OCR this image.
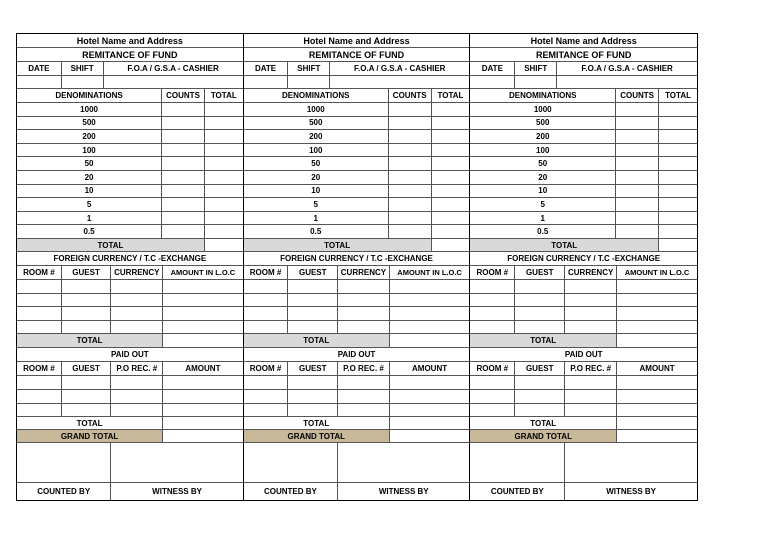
Hotel Name and Address
REMITANCE OF FUND
DATE	SHIFT	F.O.A / G.S.A - CASHIER
DENOMINATIONS	COUNTS	TOTAL
1000
500
200
100
50
20
10
5
1
0.5
TOTAL
FOREIGN CURRENCY / T.C -EXCHANGE
ROOM #	GUEST	CURRENCY	AMOUNT IN L.O.C
TOTAL
PAID OUT
ROOM #	GUEST	P.O REC. #	AMOUNT
TOTAL
GRAND TOTAL
COUNTED BY	WITNESS BY
Hotel Name and Address
REMITANCE OF FUND
DATE	SHIFT	F.O.A / G.S.A - CASHIER
DENOMINATIONS	COUNTS	TOTAL
1000
500
200
100
50
20
10
5
1
0.5
TOTAL
FOREIGN CURRENCY / T.C -EXCHANGE
ROOM #	GUEST	CURRENCY	AMOUNT IN L.O.C
TOTAL
PAID OUT
ROOM #	GUEST	P.O REC. #	AMOUNT
TOTAL
GRAND TOTAL
COUNTED BY	WITNESS BY
Hotel Name and Address
REMITANCE OF FUND
DATE	SHIFT	F.O.A / G.S.A - CASHIER
DENOMINATIONS	COUNTS	TOTAL
1000
500
200
100
50
20
10
5
1
0.5
TOTAL
FOREIGN CURRENCY / T.C -EXCHANGE
ROOM #	GUEST	CURRENCY	AMOUNT IN L.O.C
TOTAL
PAID OUT
ROOM #	GUEST	P.O REC. #	AMOUNT
TOTAL
GRAND TOTAL
COUNTED BY	WITNESS BY
